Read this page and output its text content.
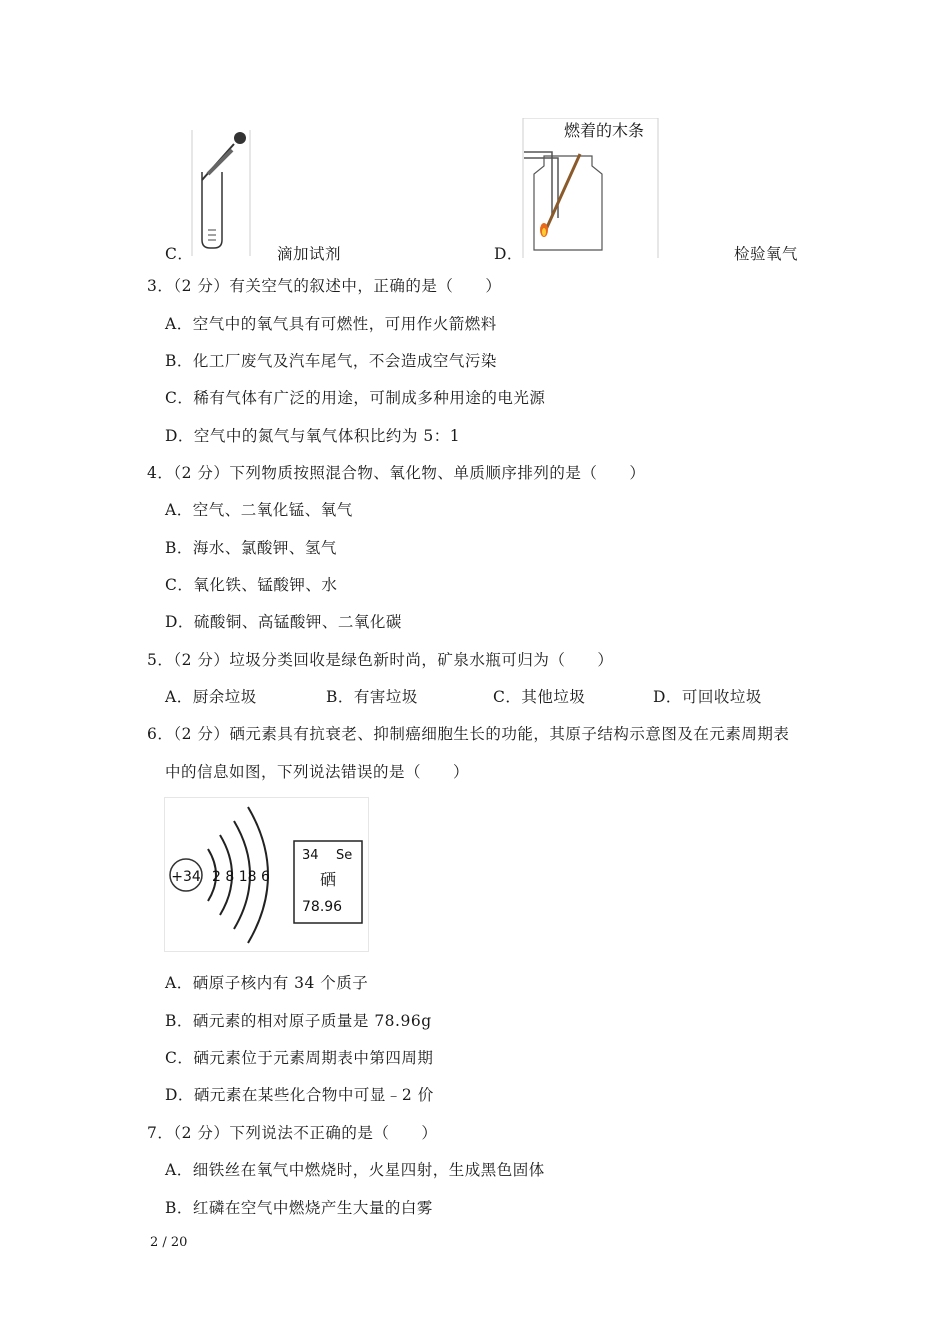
C．	滴加试剂	D．
燃着的木条
检验氧气
3．（2 分）有关空气的叙述中，正确的是（　　）
A．空气中的氧气具有可燃性，可用作火箭燃料
B．化工厂废气及汽车尾气，不会造成空气污染
C．稀有气体有广泛的用途，可制成多种用途的电光源
D．空气中的氮气与氧气体积比约为 5：1
4．（2 分）下列物质按照混合物、氧化物、单质顺序排列的是（　　）
A．空气、二氧化锰、氧气
B．海水、氯酸钾、氢气
C．氧化铁、锰酸钾、水
D．硫酸铜、高锰酸钾、二氧化碳
5．（2 分）垃圾分类回收是绿色新时尚，矿泉水瓶可归为（　　）
A．厨余垃圾	B．有害垃圾	C．其他垃圾	D．可回收垃圾
6．（2 分）硒元素具有抗衰老、抑制癌细胞生长的功能，其原子结构示意图及在元素周期表
中的信息如图，下列说法错误的是（　　）
+34 2 8 18 6
34 Se
硒
78.96
A．硒原子核内有 34 个质子
B．硒元素的相对原子质量是 78.96g
C．硒元素位于元素周期表中第四周期
D．硒元素在某些化合物中可显﹣2 价
7．（2 分）下列说法不正确的是（　　）
A．细铁丝在氧气中燃烧时，火星四射，生成黑色固体
B．红磷在空气中燃烧产生大量的白雾
2 / 20
